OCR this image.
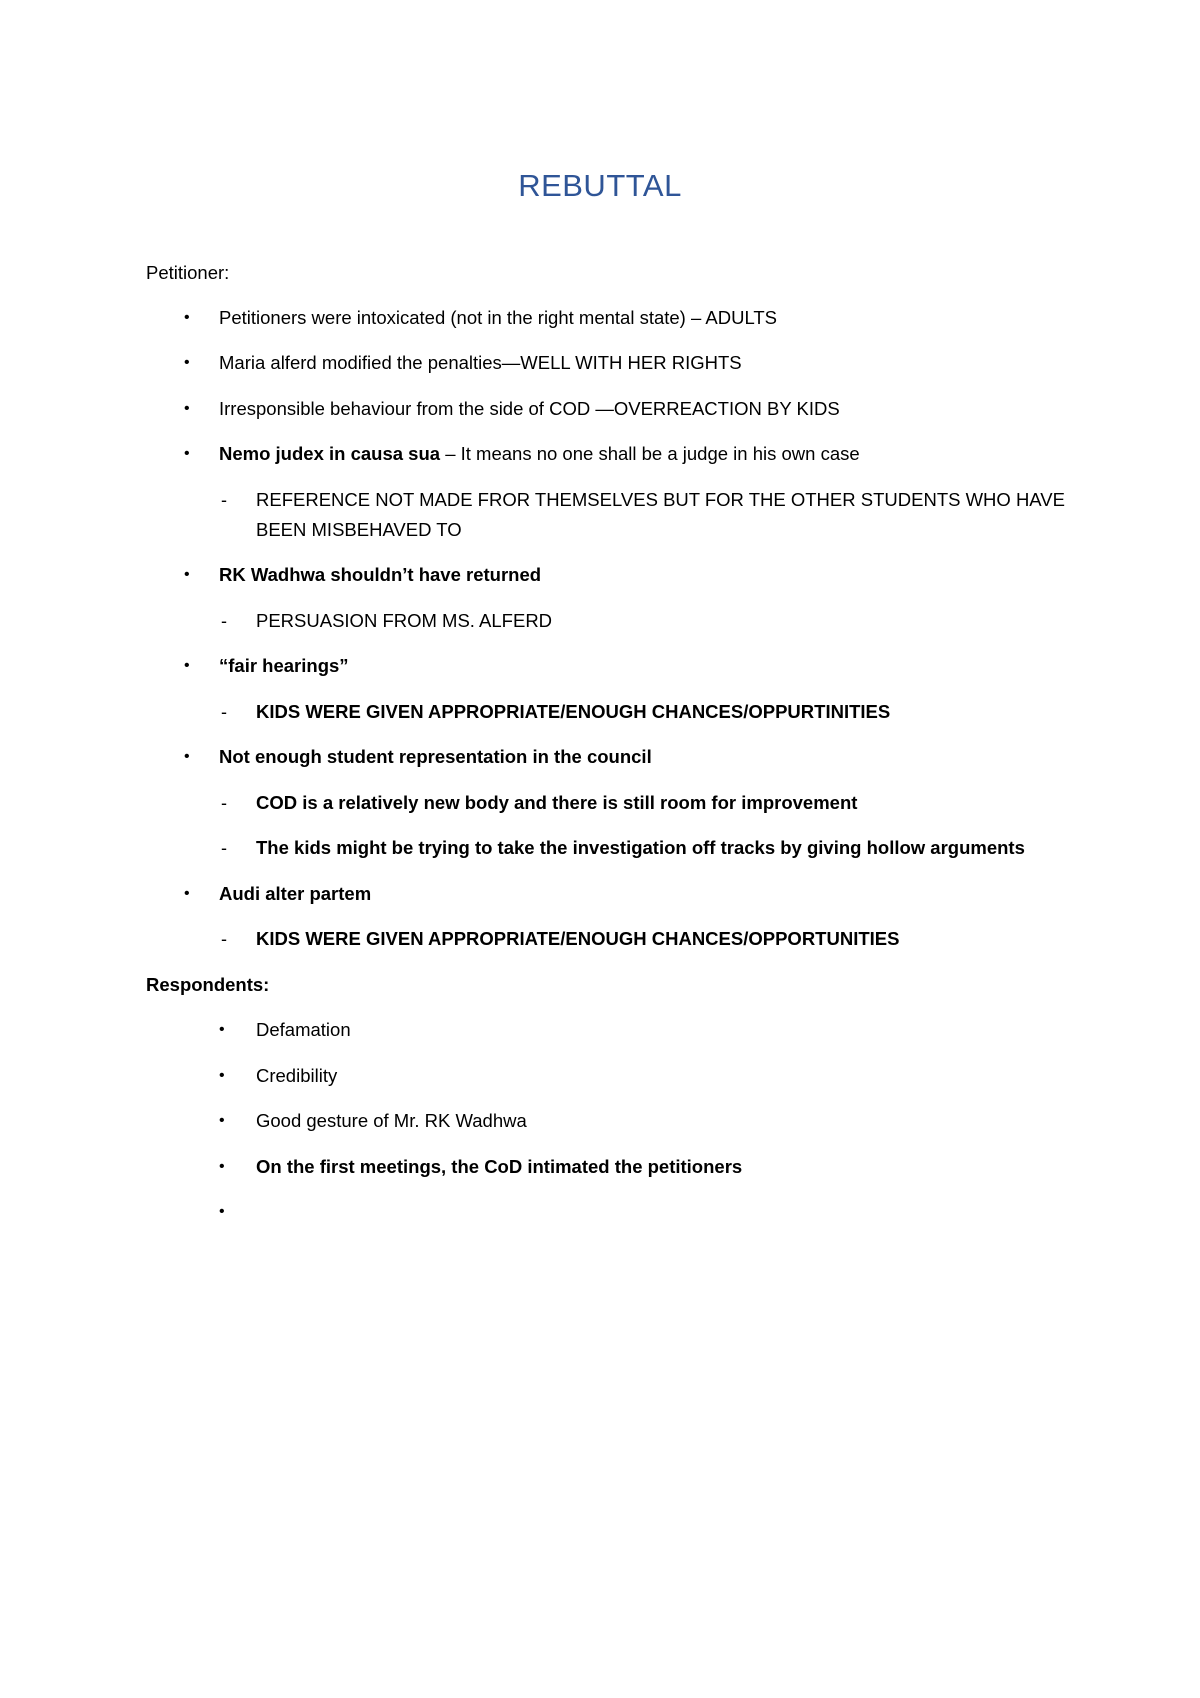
REBUTTAL
Petitioner:
• Petitioners were intoxicated (not in the right mental state) – ADULTS
• Maria alferd modified the penalties—WELL WITH HER RIGHTS
• Irresponsible behaviour from the side of COD —OVERREACTION BY KIDS
• Nemo judex in causa sua – It means no one shall be a judge in his own case
- REFERENCE NOT MADE FROR THEMSELVES BUT FOR THE OTHER STUDENTS WHO HAVE BEEN MISBEHAVED TO
• RK Wadhwa shouldn’t have returned
- PERSUASION FROM MS. ALFERD
• “fair hearings”
- KIDS WERE GIVEN APPROPRIATE/ENOUGH CHANCES/OPPURTINITIES
• Not enough student representation in the council
- COD is a relatively new body and there is still room for improvement
- The kids might be trying to take the investigation off tracks by giving hollow arguments
• Audi alter partem
- KIDS WERE GIVEN APPROPRIATE/ENOUGH CHANCES/OPPORTUNITIES
Respondents:
• Defamation
• Credibility
• Good gesture of Mr. RK Wadhwa
• On the first meetings, the CoD intimated the petitioners
•
